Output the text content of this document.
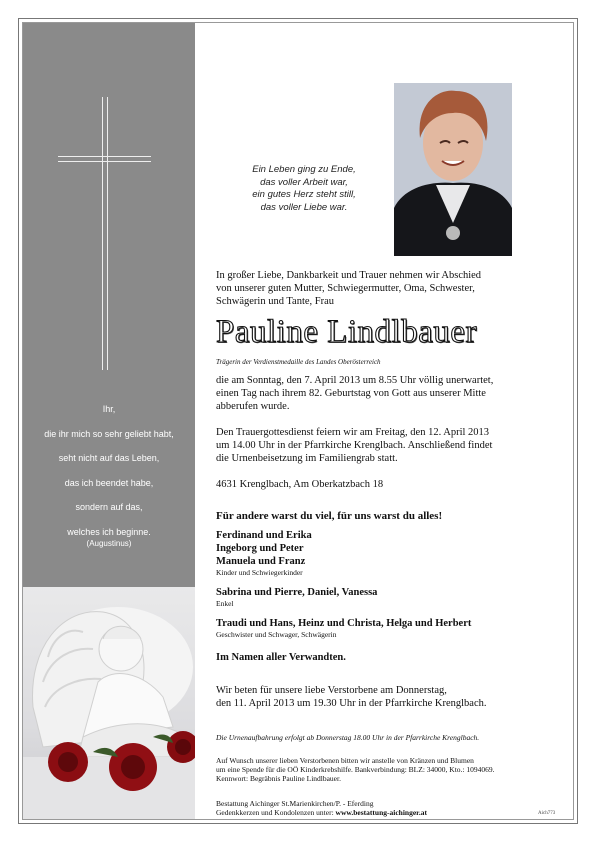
Ihr,
die ihr mich so sehr geliebt habt,
seht nicht auf das Leben,
das ich beendet habe,
sondern auf das,
welches ich beginne.
(Augustinus)
Ein Leben ging zu Ende,
das voller Arbeit war,
ein gutes Herz steht still,
das voller Liebe war.
In großer Liebe, Dankbarkeit und Trauer nehmen wir Abschied
von unserer guten Mutter, Schwiegermutter, Oma, Schwester,
Schwägerin und Tante, Frau
Pauline Lindlbauer
Trägerin der Verdienstmedaille des Landes Oberösterreich
die am Sonntag, den 7. April 2013 um 8.55 Uhr völlig unerwartet,
einen Tag nach ihrem 82. Geburtstag von Gott aus unserer Mitte
abberufen wurde.
Den Trauergottesdienst feiern wir am Freitag, den 12. April 2013
um 14.00 Uhr in der Pfarrkirche Krenglbach. Anschließend findet
die Urnenbeisetzung im Familiengrab statt.
4631 Krenglbach, Am Oberkatzbach 18
Für andere warst du viel, für uns warst du alles!
Ferdinand und Erika
Ingeborg und Peter
Manuela und Franz
Kinder und Schwiegerkinder
Sabrina und Pierre, Daniel, Vanessa
Enkel
Traudi und Hans, Heinz und Christa, Helga und Herbert
Geschwister und Schwager, Schwägerin
Im Namen aller Verwandten.
Wir beten für unsere liebe Verstorbene am Donnerstag,
den 11. April 2013 um 19.30 Uhr in der Pfarrkirche Krenglbach.
Die Urnenaufbahrung erfolgt ab Donnerstag 18.00 Uhr in der Pfarrkirche Krenglbach.
Auf Wunsch unserer lieben Verstorbenen bitten wir anstelle von Kränzen und Blumen
um eine Spende für die OÖ Kinderkrebshilfe. Bankverbindung: BLZ: 34000, Kto.: 1094069.
Kennwort: Begräbnis Pauline Lindlbauer.
Bestattung Aichinger St.Marienkirchen/P. - Eferding
Gedenkkerzen und Kondolenzen unter: www.bestattung-aichinger.at	Aich773
